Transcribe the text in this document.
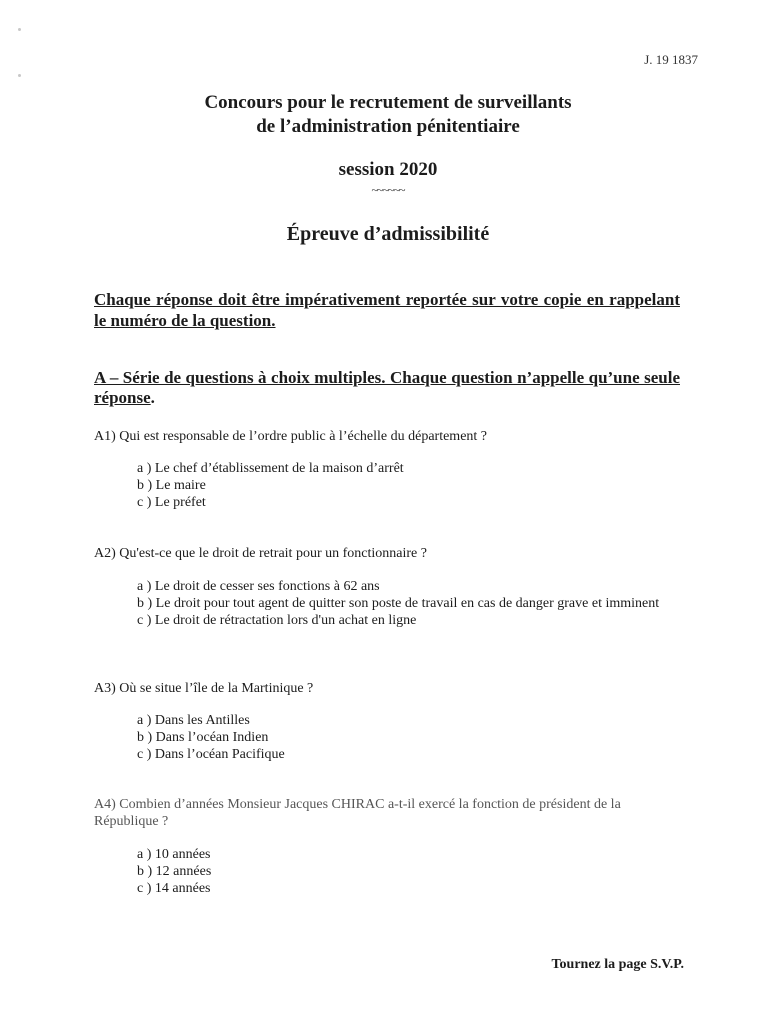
J. 19 1837
Concours pour le recrutement de surveillants
de l’administration pénitentiaire
session 2020
~~~~~~
Épreuve d’admissibilité
Chaque réponse doit être impérativement reportée sur votre copie en rappelant le numéro de la question.
A – Série de questions à choix multiples. Chaque question n’appelle qu’une seule réponse.

A1) Qui est responsable de l’ordre public à l’échelle du département ?

a ) Le chef d’établissement de la maison d’arrêt
b ) Le maire
c ) Le préfet

A2) Qu'est-ce que le droit de retrait pour un fonctionnaire ?

a ) Le droit de cesser ses fonctions à 62 ans
b ) Le droit pour tout agent de quitter son poste de travail en cas de danger grave et imminent
c ) Le droit de rétractation lors d'un achat en ligne

A3) Où se situe l’île de la Martinique ?

a ) Dans les Antilles
b ) Dans l’océan Indien
c ) Dans l’océan Pacifique

A4) Combien d’années Monsieur Jacques CHIRAC a-t-il exercé la fonction de président de la République ?

a ) 10 années
b ) 12 années
c ) 14 années
Tournez la page S.V.P.
